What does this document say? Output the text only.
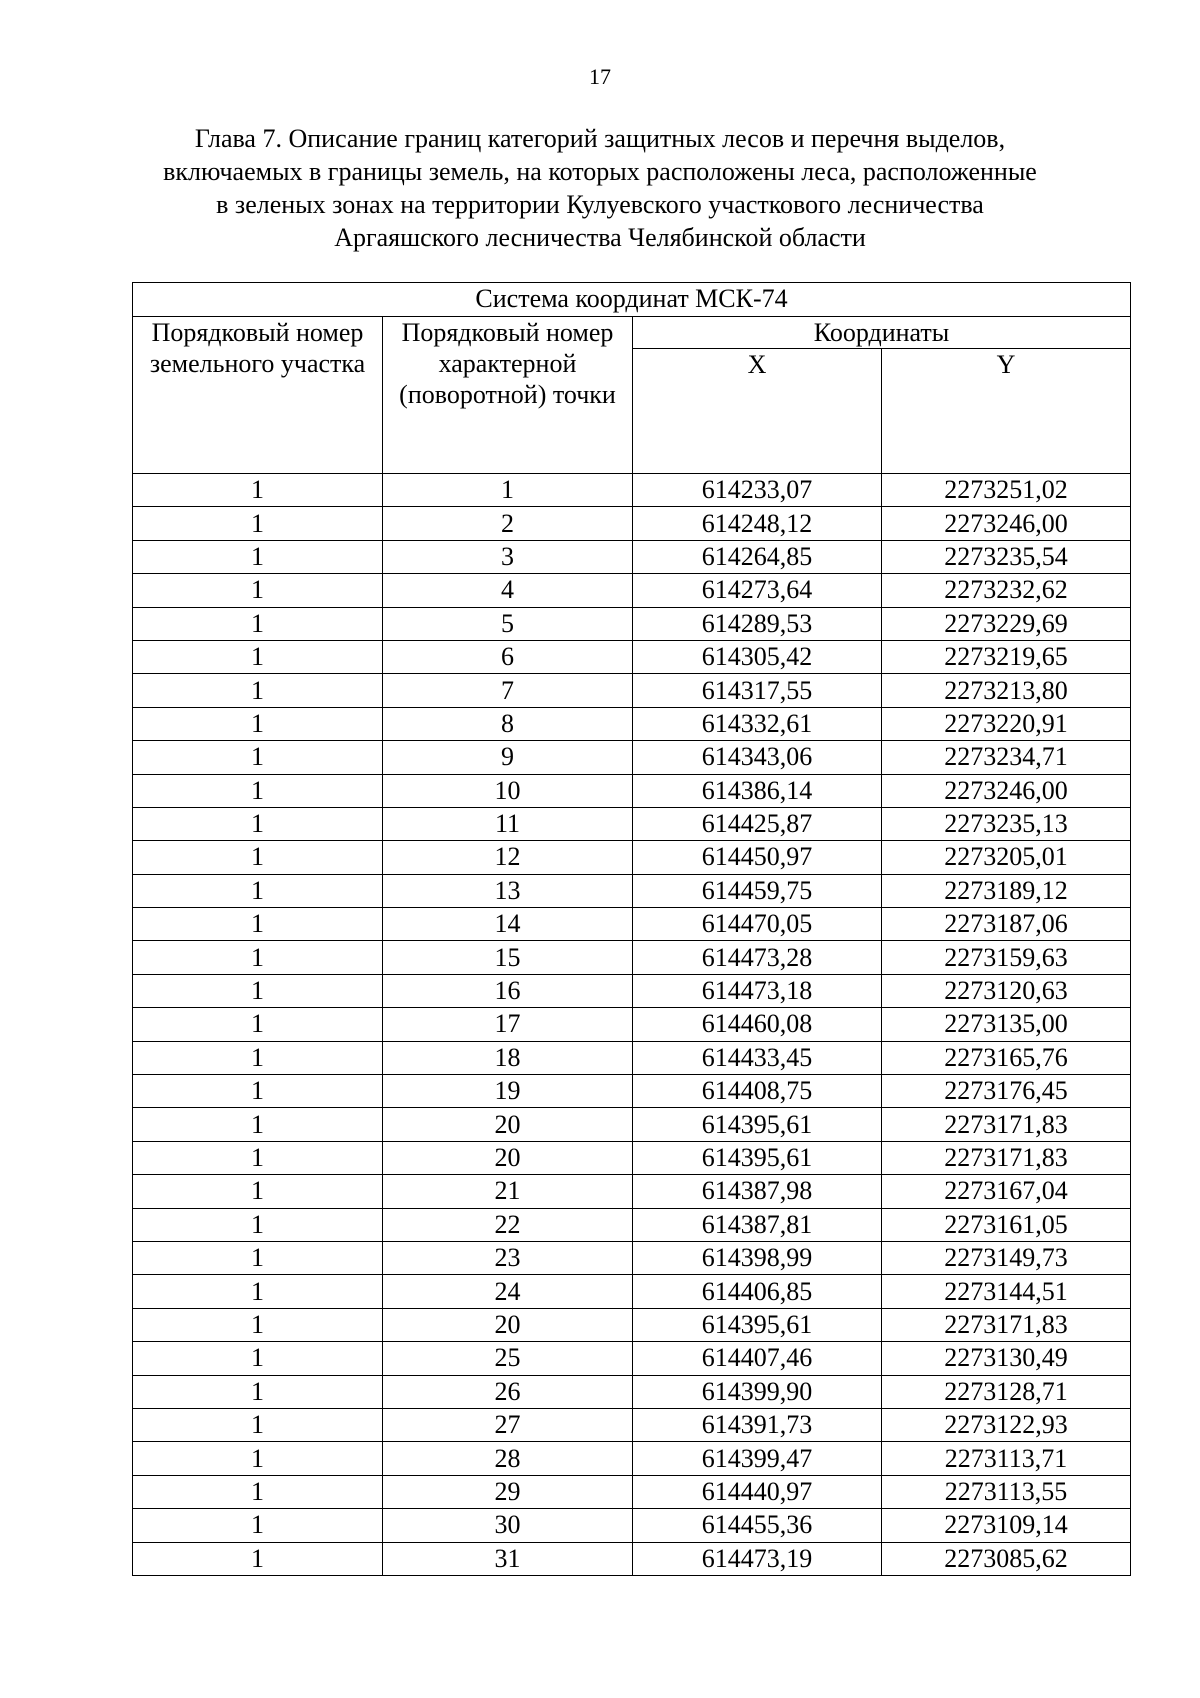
17
Глава 7. Описание границ категорий защитных лесов и перечня выделов,
включаемых в границы земель, на которых расположены леса, расположенные
в зеленых зонах на территории Кулуевского участкового лесничества
Аргаяшского лесничества Челябинской области
Система координат МСК-74			
Порядковый номер земельного участка	Порядковый номер характерной (поворотной) точки	Координаты	
		X	Y
1	1	614233,07	2273251,02
1	2	614248,12	2273246,00
1	3	614264,85	2273235,54
1	4	614273,64	2273232,62
1	5	614289,53	2273229,69
1	6	614305,42	2273219,65
1	7	614317,55	2273213,80
1	8	614332,61	2273220,91
1	9	614343,06	2273234,71
1	10	614386,14	2273246,00
1	11	614425,87	2273235,13
1	12	614450,97	2273205,01
1	13	614459,75	2273189,12
1	14	614470,05	2273187,06
1	15	614473,28	2273159,63
1	16	614473,18	2273120,63
1	17	614460,08	2273135,00
1	18	614433,45	2273165,76
1	19	614408,75	2273176,45
1	20	614395,61	2273171,83
1	20	614395,61	2273171,83
1	21	614387,98	2273167,04
1	22	614387,81	2273161,05
1	23	614398,99	2273149,73
1	24	614406,85	2273144,51
1	20	614395,61	2273171,83
1	25	614407,46	2273130,49
1	26	614399,90	2273128,71
1	27	614391,73	2273122,93
1	28	614399,47	2273113,71
1	29	614440,97	2273113,55
1	30	614455,36	2273109,14
1	31	614473,19	2273085,62
